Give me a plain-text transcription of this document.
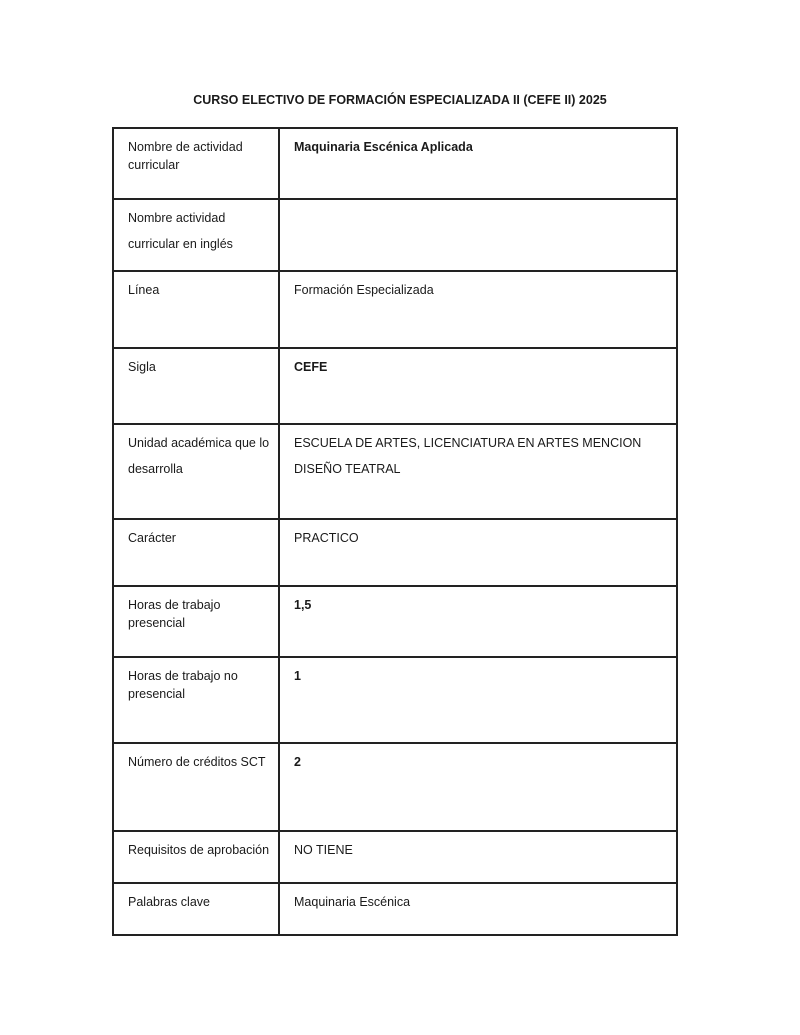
CURSO ELECTIVO DE FORMACIÓN ESPECIALIZADA II (CEFE II) 2025
Nombre de actividad curricular	Maquinaria Escénica Aplicada

Nombre actividad curricular en inglés	

Línea	Formación Especializada

Sigla	CEFE

Unidad académica que lo desarrolla	ESCUELA DE ARTES, LICENCIATURA EN ARTES MENCION DISEÑO TEATRAL

Carácter	PRACTICO

Horas de trabajo presencial	1,5

Horas de trabajo no presencial	1

Número de créditos SCT	2

Requisitos de aprobación	NO TIENE

Palabras clave	Maquinaria Escénica
